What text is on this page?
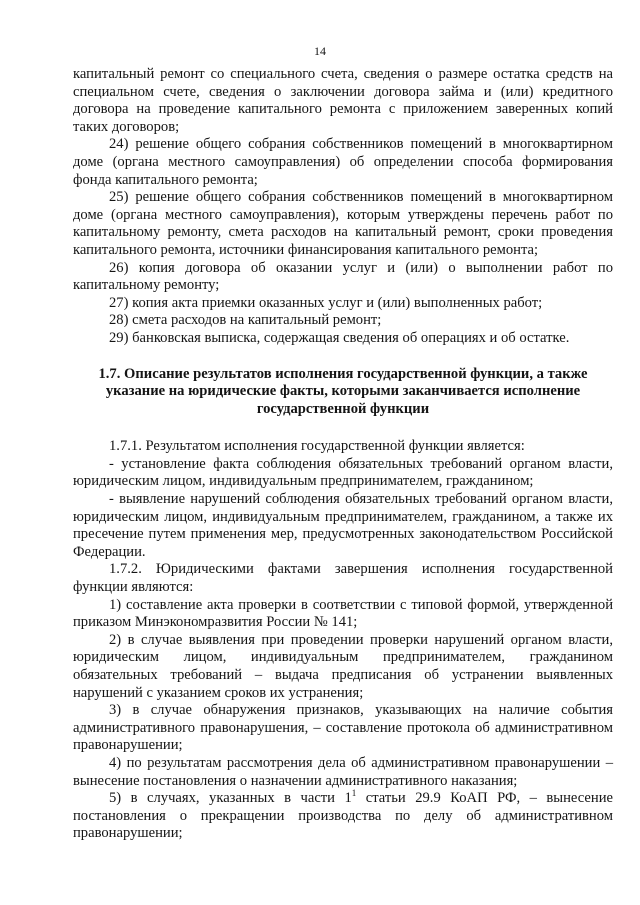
14

капитальный ремонт со специального счета, сведения о размере остатка средств на специальном счете, сведения о заключении договора займа и (или) кредитного договора на проведение капитального ремонта с приложением заверенных копий таких договоров;

24) решение общего собрания собственников помещений в многоквартирном доме (органа местного самоуправления) об определении способа формирования фонда капитального ремонта;

25) решение общего собрания собственников помещений в многоквартирном доме (органа местного самоуправления), которым утверждены перечень работ по капитальному ремонту, смета расходов на капитальный ремонт, сроки проведения капитального ремонта, источники финансирования капитального ремонта;

26) копия договора об оказании услуг и (или) о выполнении работ по капитальному ремонту;

27) копия акта приемки оказанных услуг и (или) выполненных работ;

28) смета расходов на капитальный ремонт;

29) банковская выписка, содержащая сведения об операциях и об остатке.

1.7. Описание результатов исполнения государственной функции, а также указание на юридические факты, которыми заканчивается исполнение государственной функции

1.7.1. Результатом исполнения государственной функции является:

- установление факта соблюдения обязательных требований органом власти, юридическим лицом, индивидуальным предпринимателем, гражданином;

- выявление нарушений соблюдения обязательных требований органом власти, юридическим лицом, индивидуальным предпринимателем, гражданином, а также их пресечение путем применения мер, предусмотренных законодательством Российской Федерации.

1.7.2. Юридическими фактами завершения исполнения государственной функции являются:

1) составление акта проверки в соответствии с типовой формой, утвержденной приказом Минэкономразвития России № 141;

2) в случае выявления при проведении проверки нарушений органом власти, юридическим лицом, индивидуальным предпринимателем, гражданином обязательных требований – выдача предписания об устранении выявленных нарушений с указанием сроков их устранения;

3) в случае обнаружения признаков, указывающих на наличие события административного правонарушения, – составление протокола об административном правонарушении;

4) по результатам рассмотрения дела об административном правонарушении – вынесение постановления о назначении административного наказания;

5) в случаях, указанных в части $1^1$ статьи 29.9 КоАП РФ, – вынесение постановления о прекращении производства по делу об административном правонарушении;
